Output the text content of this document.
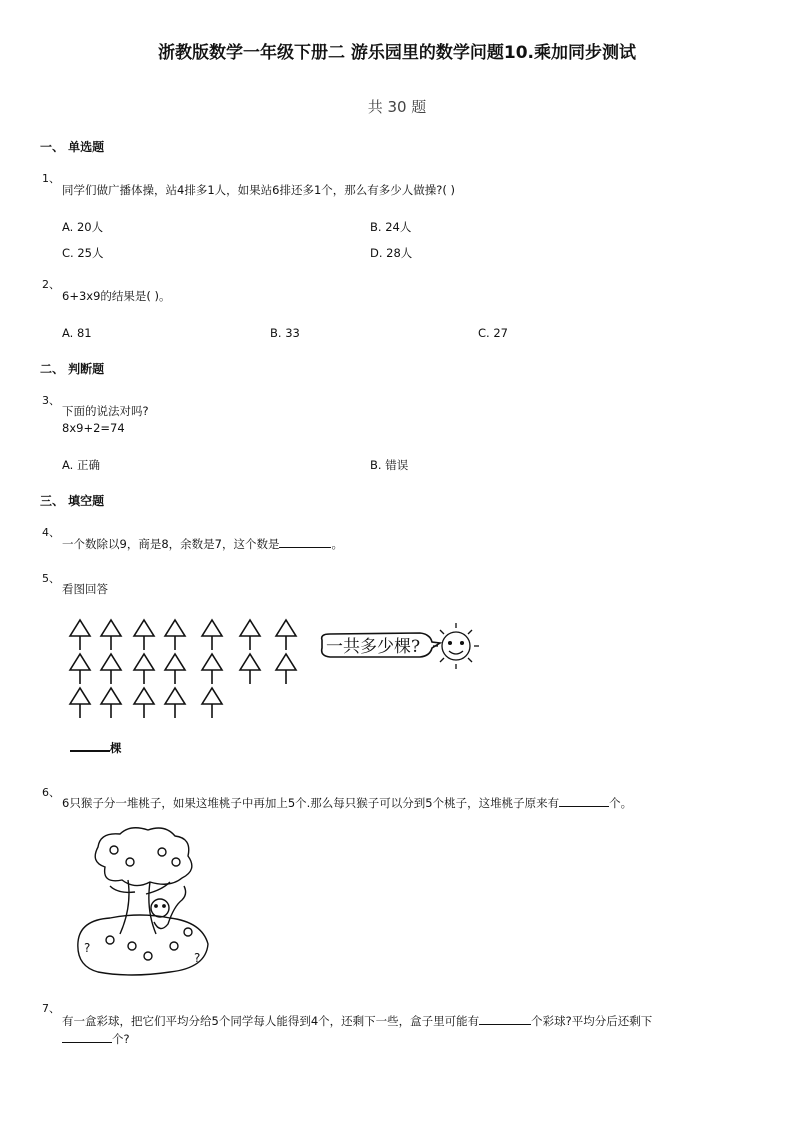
浙教版数学一年级下册二 游乐园里的数学问题10.乘加同步测试
共 30 题
一、 单选题
1、
同学们做广播体操，站4排多1人，如果站6排还多1个，那么有多少人做操?( )
A. 20人	B. 24人
C. 25人	D. 28人
2、
6+3x9的结果是( )。
A. 81	B. 33	C. 27
二、 判断题
3、
下面的说法对吗?
8x9+2=74
A. 正确	B. 错误
三、 填空题
4、
一个数除以9，商是8，余数是7，这个数是	。
5、
看图回答
一共多少棵?
棵
6、
6只猴子分一堆桃子，如果这堆桃子中再加上5个.那么每只猴子可以分到5个桃子，这堆桃子原来有	个。
?
?
7、
有一盒彩球，把它们平均分给5个同学每人能得到4个，还剩下一些，盒子里可能有	个彩球?平均分后还剩下
个?
